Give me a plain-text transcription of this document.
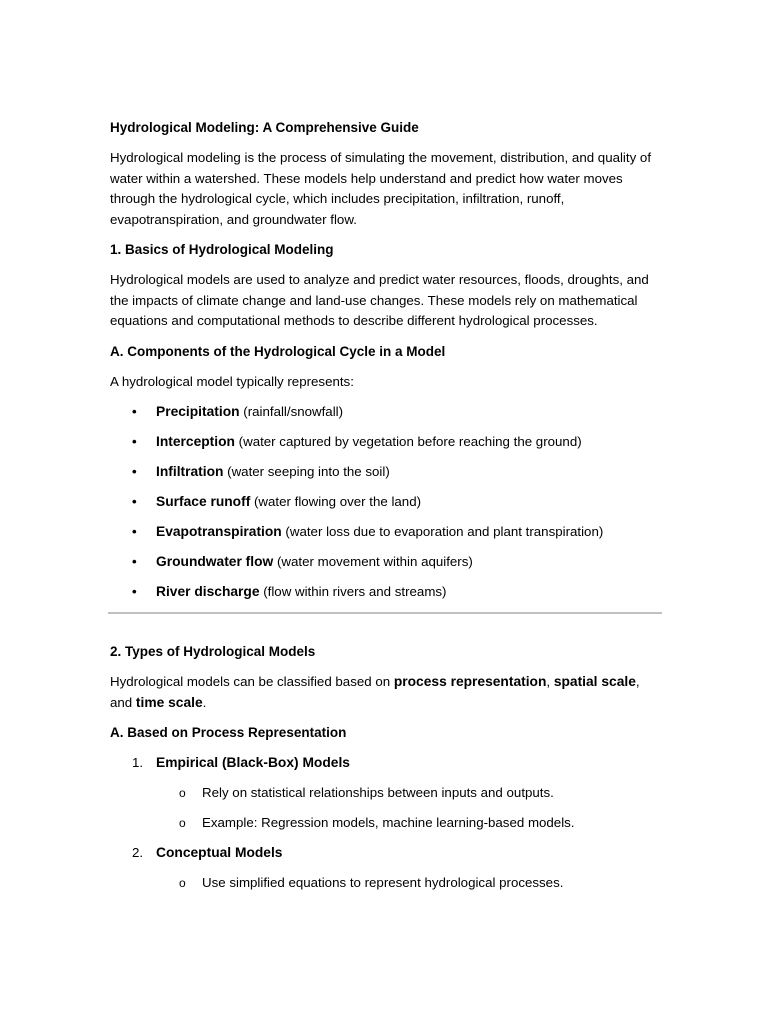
Hydrological Modeling: A Comprehensive Guide

Hydrological modeling is the process of simulating the movement, distribution, and quality of water within a watershed. These models help understand and predict how water moves through the hydrological cycle, which includes precipitation, infiltration, runoff, evapotranspiration, and groundwater flow.

1. Basics of Hydrological Modeling

Hydrological models are used to analyze and predict water resources, floods, droughts, and the impacts of climate change and land-use changes. These models rely on mathematical equations and computational methods to describe different hydrological processes.

A. Components of the Hydrological Cycle in a Model

A hydrological model typically represents:

• Precipitation (rainfall/snowfall)
• Interception (water captured by vegetation before reaching the ground)
• Infiltration (water seeping into the soil)
• Surface runoff (water flowing over the land)
• Evapotranspiration (water loss due to evaporation and plant transpiration)
• Groundwater flow (water movement within aquifers)
• River discharge (flow within rivers and streams)
2. Types of Hydrological Models

Hydrological models can be classified based on process representation, spatial scale, and time scale.

A. Based on Process Representation
1. Empirical (Black-Box) Models
o Rely on statistical relationships between inputs and outputs.
o Example: Regression models, machine learning-based models.
2. Conceptual Models
o Use simplified equations to represent hydrological processes.
